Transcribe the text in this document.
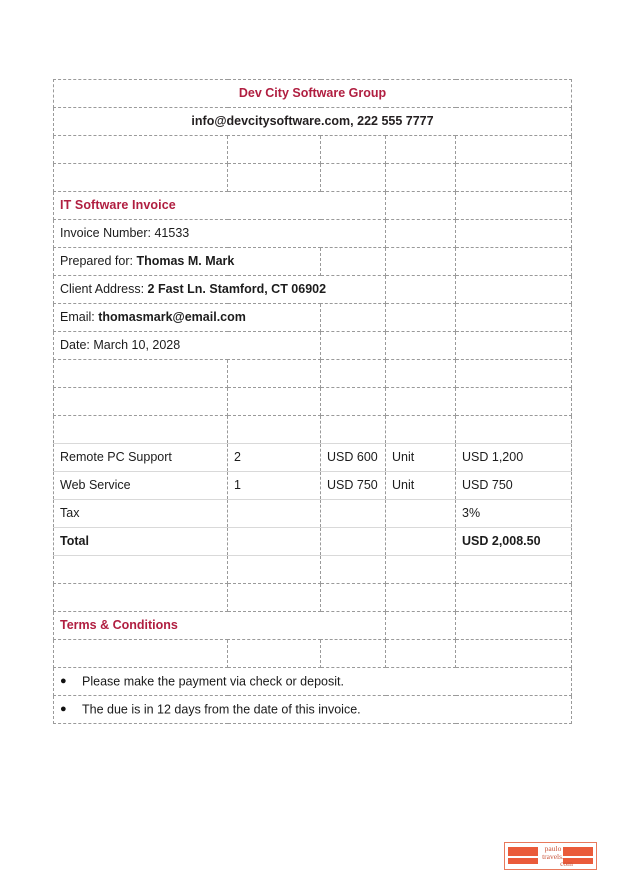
Dev City Software Group				
info@devcitysoftware.com, 222 555 7777				

IT Software Invoice				
Invoice Number: 41533				
Prepared for: Thomas M. Mark				
Client Address: 2 Fast Ln. Stamford, CT 06902				
Email: thomasmark@email.com				
Date: March 10, 2028				

Description	Quantity	Price		Total
Remote PC Support	2	USD 600	Unit	USD 1,200
Web Service	1	USD 750	Unit	USD 750
Tax				3%
Total				USD 2,008.50

Terms & Conditions				

● Please make the payment via check or deposit.				
● The due is in 12 days from the date of this invoice.				
paulo
travels.
com
